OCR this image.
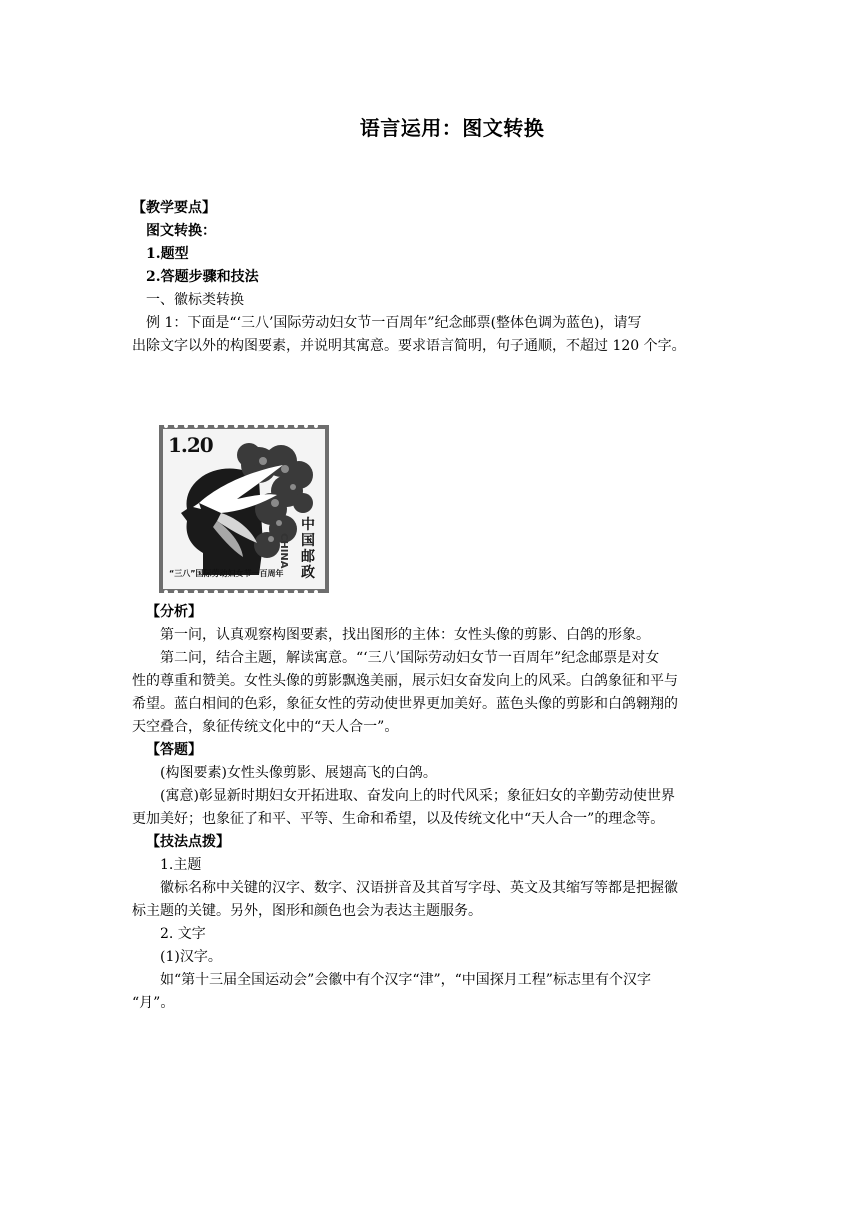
语言运用：图文转换

【教学要点】

图文转换：

1.题型

2.答题步骤和技法

一、徽标类转换

例 1：下面是“‘三八’国际劳动妇女节一百周年”纪念邮票(整体色调为蓝色)，请写

出除文字以外的构图要素，并说明其寓意。要求语言简明，句子通顺，不超过 120 个字。

1.20
中国邮政
CHINA
“三八”国际劳动妇女节一百周年

【分析】

第一问，认真观察构图要素，找出图形的主体：女性头像的剪影、白鸽的形象。

第二问，结合主题，解读寓意。“‘三八’国际劳动妇女节一百周年”纪念邮票是对女

性的尊重和赞美。女性头像的剪影飘逸美丽，展示妇女奋发向上的风采。白鸽象征和平与

希望。蓝白相间的色彩，象征女性的劳动使世界更加美好。蓝色头像的剪影和白鸽翱翔的

天空叠合，象征传统文化中的“天人合一”。

【答题】

(构图要素)女性头像剪影、展翅高飞的白鸽。

(寓意)彰显新时期妇女开拓进取、奋发向上的时代风采；象征妇女的辛勤劳动使世界

更加美好；也象征了和平、平等、生命和希望，以及传统文化中“天人合一”的理念等。

【技法点拨】

1.主题

徽标名称中关键的汉字、数字、汉语拼音及其首写字母、英文及其缩写等都是把握徽

标主题的关键。另外，图形和颜色也会为表达主题服务。

2. 文字

(1)汉字。

如“第十三届全国运动会”会徽中有个汉字“津”，“中国探月工程”标志里有个汉字

“月”。
